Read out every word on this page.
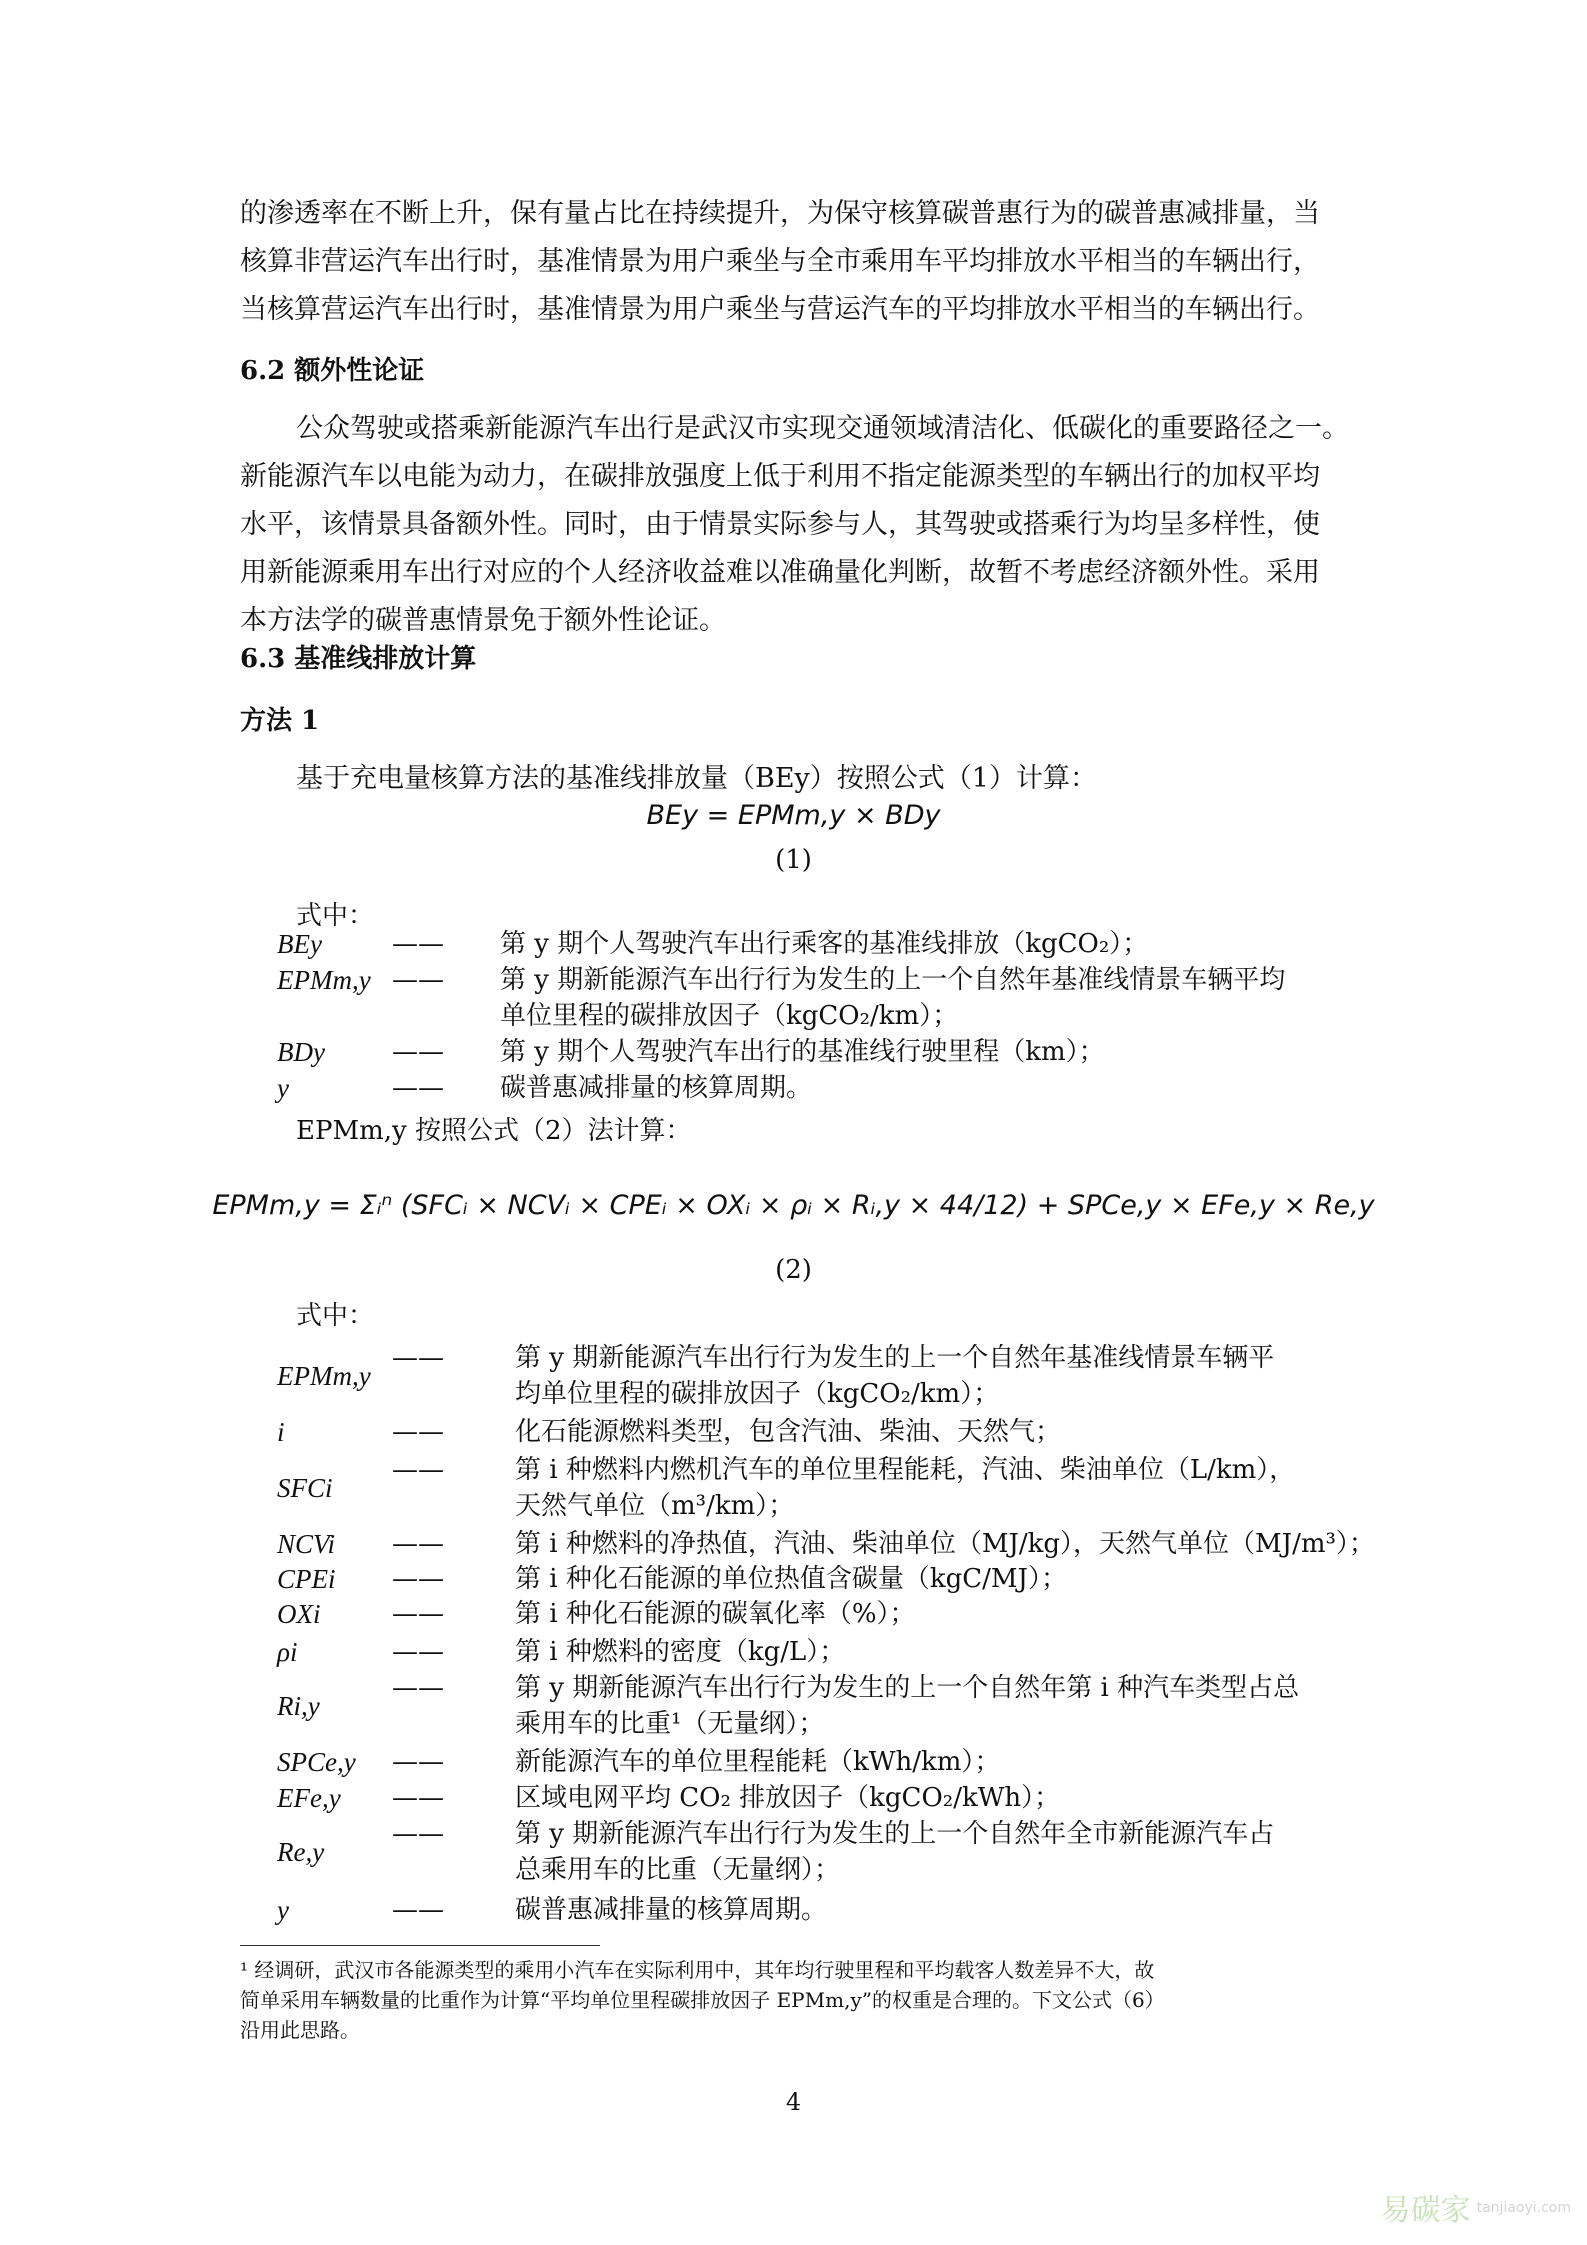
的渗透率在不断上升，保有量占比在持续提升，为保守核算碳普惠行为的碳普惠减排量，当

核算非营运汽车出行时，基准情景为用户乘坐与全市乘用车平均排放水平相当的车辆出行，

当核算营运汽车出行时，基准情景为用户乘坐与营运汽车的平均排放水平相当的车辆出行。

6.2 额外性论证

公众驾驶或搭乘新能源汽车出行是武汉市实现交通领域清洁化、低碳化的重要路径之一。

新能源汽车以电能为动力，在碳排放强度上低于利用不指定能源类型的车辆出行的加权平均

水平，该情景具备额外性。同时，由于情景实际参与人，其驾驶或搭乘行为均呈多样性，使

用新能源乘用车出行对应的个人经济收益难以准确量化判断，故暂不考虑经济额外性。采用

本方法学的碳普惠情景免于额外性论证。

6.3 基准线排放计算
方法 1

基于充电量核算方法的基准线排放量（BEy）按照公式（1）计算：

BEy = EPMm,y × BDy
(1)
式中：
BEy	—— 第 y 期个人驾驶汽车出行乘客的基准线排放（kgCO₂）；
EPMm,y —— 第 y 期新能源汽车出行行为发生的上一个自然年基准线情景车辆平均
单位里程的碳排放因子（kgCO₂/km）；
BDy	—— 第 y 期个人驾驶汽车出行的基准线行驶里程（km）；
y	—— 碳普惠减排量的核算周期。
EPMm,y 按照公式（2）法计算：
EPMm,y = Σᵢⁿ (SFCᵢ × NCVᵢ × CPEᵢ × OXᵢ × ρᵢ × Rᵢ,y × 44/12) + SPCe,y × EFe,y × Re,y
(2)
式中：
EPMm,y
——	第 y 期新能源汽车出行行为发生的上一个自然年基准线情景车辆平
均单位里程的碳排放因子（kgCO₂/km）；
i	——	化石能源燃料类型，包含汽油、柴油、天然气；
SFCi
——	第 i 种燃料内燃机汽车的单位里程能耗，汽油、柴油单位（L/km），
天然气单位（m³/km）；
NCVi ——	第 i 种燃料的净热值，汽油、柴油单位（MJ/kg），天然气单位（MJ/m³）；
CPEi ——	第 i 种化石能源的单位热值含碳量（kgC/MJ）；
OXi	——	第 i 种化石能源的碳氧化率（%）；
ρi	——	第 i 种燃料的密度（kg/L）；
Ri,y
——	第 y 期新能源汽车出行行为发生的上一个自然年第 i 种汽车类型占总
乘用车的比重¹（无量纲）；
SPCe,y ——	新能源汽车的单位里程能耗（kWh/km）；
EFe,y ——	区域电网平均 CO₂ 排放因子（kgCO₂/kWh）；
Re,y
——	第 y 期新能源汽车出行行为发生的上一个自然年全市新能源汽车占
总乘用车的比重（无量纲）；
y	——	碳普惠减排量的核算周期。
¹ 经调研，武汉市各能源类型的乘用小汽车在实际利用中，其年均行驶里程和平均载客人数差异不大，故
简单采用车辆数量的比重作为计算“平均单位里程碳排放因子 EPMm,y”的权重是合理的。下文公式（6）
沿用此思路。
4
易碳家 $^{tanjiaoyi.com}$
